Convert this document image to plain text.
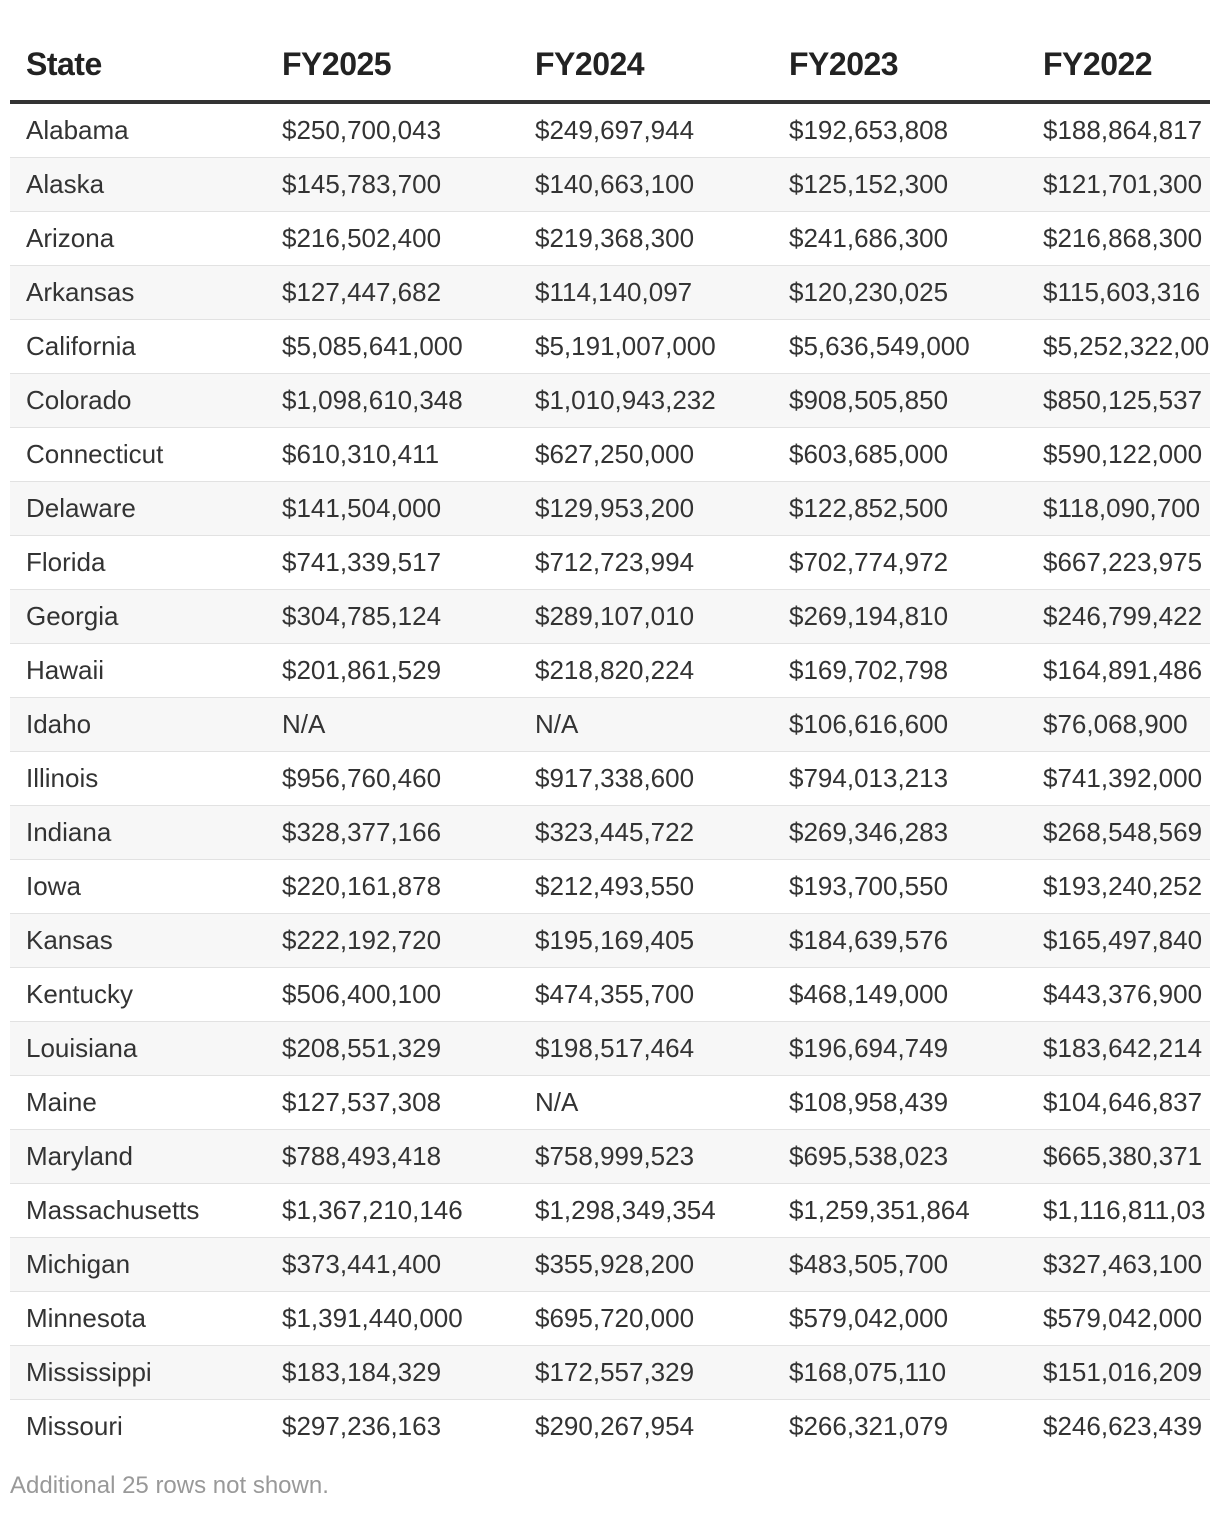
State	FY2025	FY2024	FY2023	FY2022
Alabama	$250,700,043	$249,697,944	$192,653,808	$188,864,817
Alaska	$145,783,700	$140,663,100	$125,152,300	$121,701,300
Arizona	$216,502,400	$219,368,300	$241,686,300	$216,868,300
Arkansas	$127,447,682	$114,140,097	$120,230,025	$115,603,316
California	$5,085,641,000	$5,191,007,000	$5,636,549,000	$5,252,322,00
Colorado	$1,098,610,348	$1,010,943,232	$908,505,850	$850,125,537
Connecticut	$610,310,411	$627,250,000	$603,685,000	$590,122,000
Delaware	$141,504,000	$129,953,200	$122,852,500	$118,090,700
Florida	$741,339,517	$712,723,994	$702,774,972	$667,223,975
Georgia	$304,785,124	$289,107,010	$269,194,810	$246,799,422
Hawaii	$201,861,529	$218,820,224	$169,702,798	$164,891,486
Idaho	N/A	N/A	$106,616,600	$76,068,900
Illinois	$956,760,460	$917,338,600	$794,013,213	$741,392,000
Indiana	$328,377,166	$323,445,722	$269,346,283	$268,548,569
Iowa	$220,161,878	$212,493,550	$193,700,550	$193,240,252
Kansas	$222,192,720	$195,169,405	$184,639,576	$165,497,840
Kentucky	$506,400,100	$474,355,700	$468,149,000	$443,376,900
Louisiana	$208,551,329	$198,517,464	$196,694,749	$183,642,214
Maine	$127,537,308	N/A	$108,958,439	$104,646,837
Maryland	$788,493,418	$758,999,523	$695,538,023	$665,380,371
Massachusetts	$1,367,210,146	$1,298,349,354	$1,259,351,864	$1,116,811,03
Michigan	$373,441,400	$355,928,200	$483,505,700	$327,463,100
Minnesota	$1,391,440,000	$695,720,000	$579,042,000	$579,042,000
Mississippi	$183,184,329	$172,557,329	$168,075,110	$151,016,209
Missouri	$297,236,163	$290,267,954	$266,321,079	$246,623,439
Additional 25 rows not shown.
